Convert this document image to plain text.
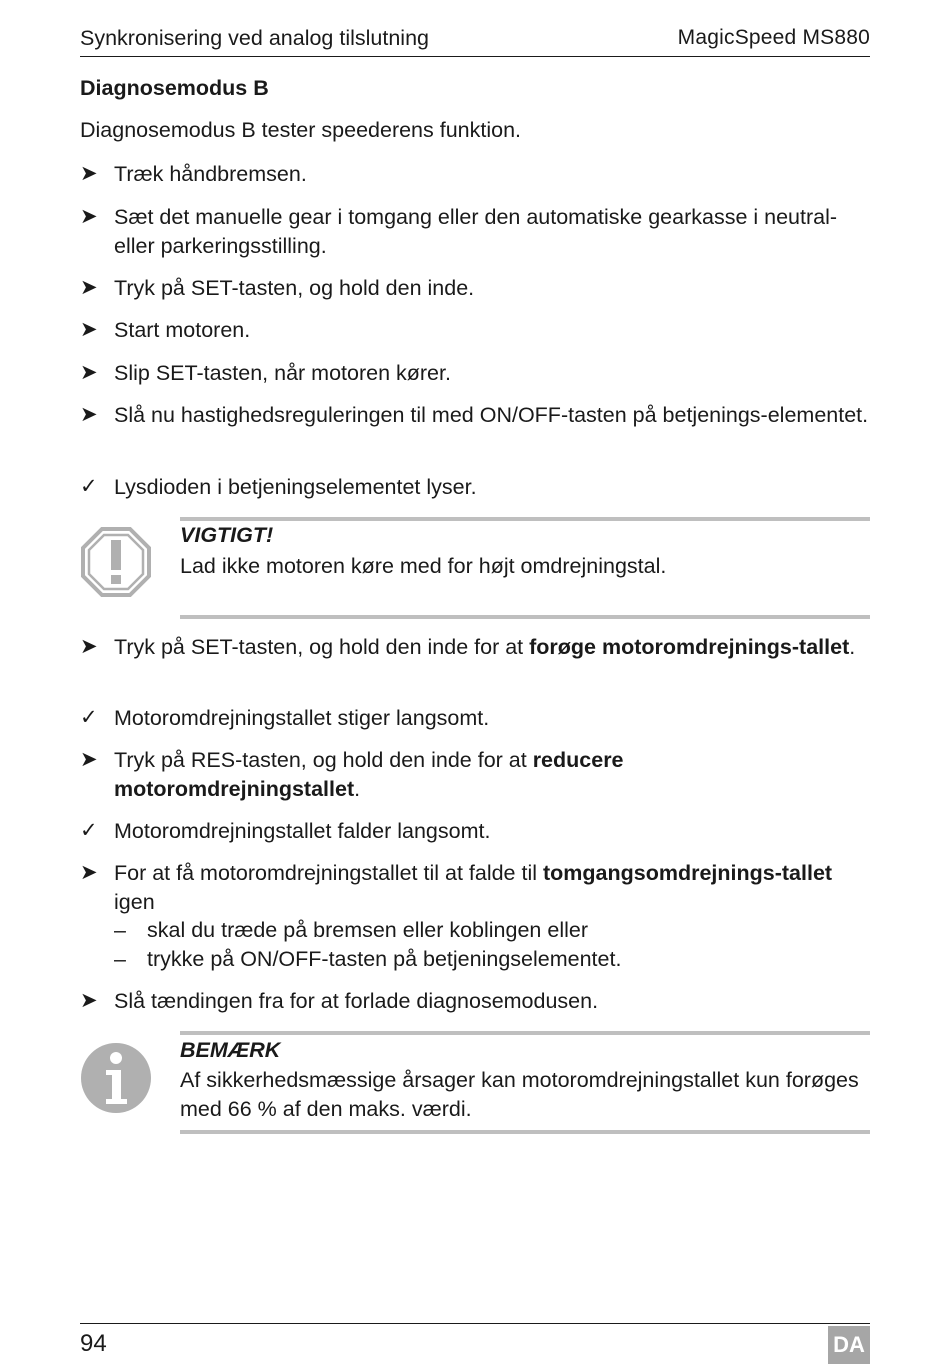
Synkronisering ved analog tilslutning	MagicSpeed MS880
Diagnosemodus B
Diagnosemodus B tester speederens funktion.
➤ Træk håndbremsen.
➤ Sæt det manuelle gear i tomgang eller den automatiske gearkasse i neutral- eller parkeringsstilling.
➤ Tryk på SET-tasten, og hold den inde.
➤ Start motoren.
➤ Slip SET-tasten, når motoren kører.
➤ Slå nu hastighedsreguleringen til med ON/OFF-tasten på betjenings-elementet.
✓ Lysdioden i betjeningselementet lyser.
VIGTIGT!
Lad ikke motoren køre med for højt omdrejningstal.
➤ Tryk på SET-tasten, og hold den inde for at forøge motoromdrejnings-tallet.
✓ Motoromdrejningstallet stiger langsomt.
➤ Tryk på RES-tasten, og hold den inde for at reducere motoromdrejningstallet.
✓ Motoromdrejningstallet falder langsomt.
➤ For at få motoromdrejningstallet til at falde til tomgangsomdrejnings-tallet igen
– skal du træde på bremsen eller koblingen eller
– trykke på ON/OFF-tasten på betjeningselementet.
➤ Slå tændingen fra for at forlade diagnosemodusen.
BEMÆRK
Af sikkerhedsmæssige årsager kan motoromdrejningstallet kun forøges med 66 % af den maks. værdi.
94	DA
